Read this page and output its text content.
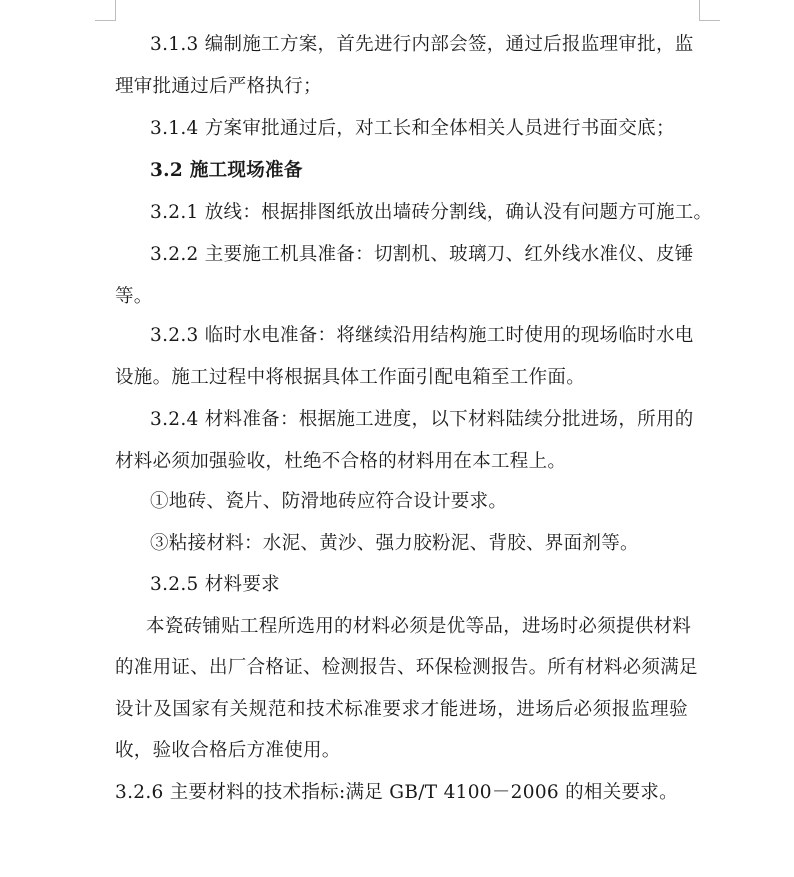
3.1.3 编制施工方案，首先进行内部会签，通过后报监理审批，监
理审批通过后严格执行；
3.1.4 方案审批通过后，对工长和全体相关人员进行书面交底；
3.2 施工现场准备
3.2.1 放线：根据排图纸放出墙砖分割线，确认没有问题方可施工。
3.2.2 主要施工机具准备：切割机、玻璃刀、红外线水准仪、皮锤
等。
3.2.3 临时水电准备：将继续沿用结构施工时使用的现场临时水电
设施。施工过程中将根据具体工作面引配电箱至工作面。
3.2.4 材料准备：根据施工进度，以下材料陆续分批进场，所用的
材料必须加强验收，杜绝不合格的材料用在本工程上。
①地砖、瓷片、防滑地砖应符合设计要求。
③粘接材料：水泥、黄沙、强力胶粉泥、背胶、界面剂等。
3.2.5 材料要求
本瓷砖铺贴工程所选用的材料必须是优等品，进场时必须提供材料
的准用证、出厂合格证、检测报告、环保检测报告。所有材料必须满足
设计及国家有关规范和技术标准要求才能进场，进场后必须报监理验
收，验收合格后方准使用。
3.2.6 主要材料的技术指标:满足 GB/T 4100－2006 的相关要求。
